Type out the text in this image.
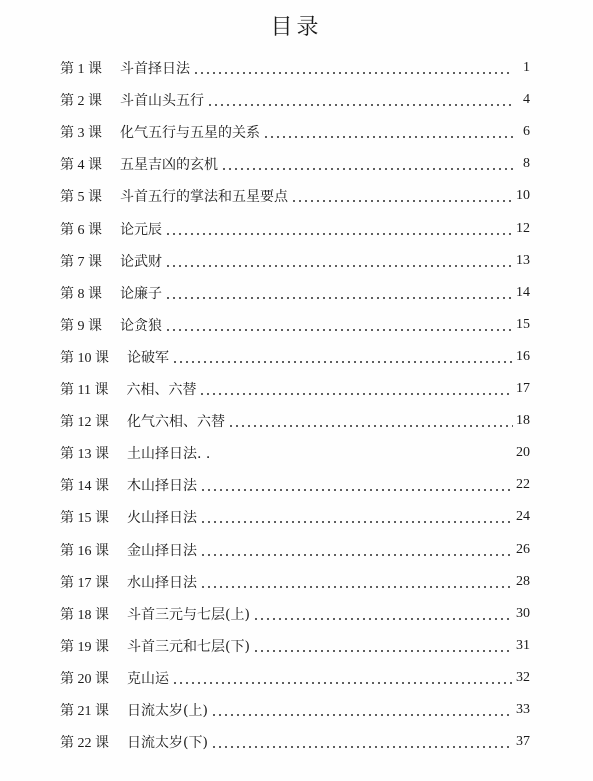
目录
第 1 课 斗首择日法	1
第 2 课 斗首山头五行	4
第 3 课 化气五行与五星的关系	6
第 4 课 五星吉凶的玄机	8
第 5 课 斗首五行的掌法和五星要点	10
第 6 课 论元辰	12
第 7 课 论武财	13
第 8 课 论廉子	14
第 9 课 论贪狼	15
第 10 课 论破军	16
第 11 课 六相、六替	17
第 12 课 化气六相、六替	18
第 13 课 土山择日法. .	20
第 14 课 木山择日法	22
第 15 课 火山择日法	24
第 16 课 金山择日法	26
第 17 课 水山择日法	28
第 18 课 斗首三元与七层(上)	30
第 19 课 斗首三元和七层(下)	31
第 20 课 克山运	32
第 21 课 日流太岁(上)	33
第 22 课 日流太岁(下)	37
